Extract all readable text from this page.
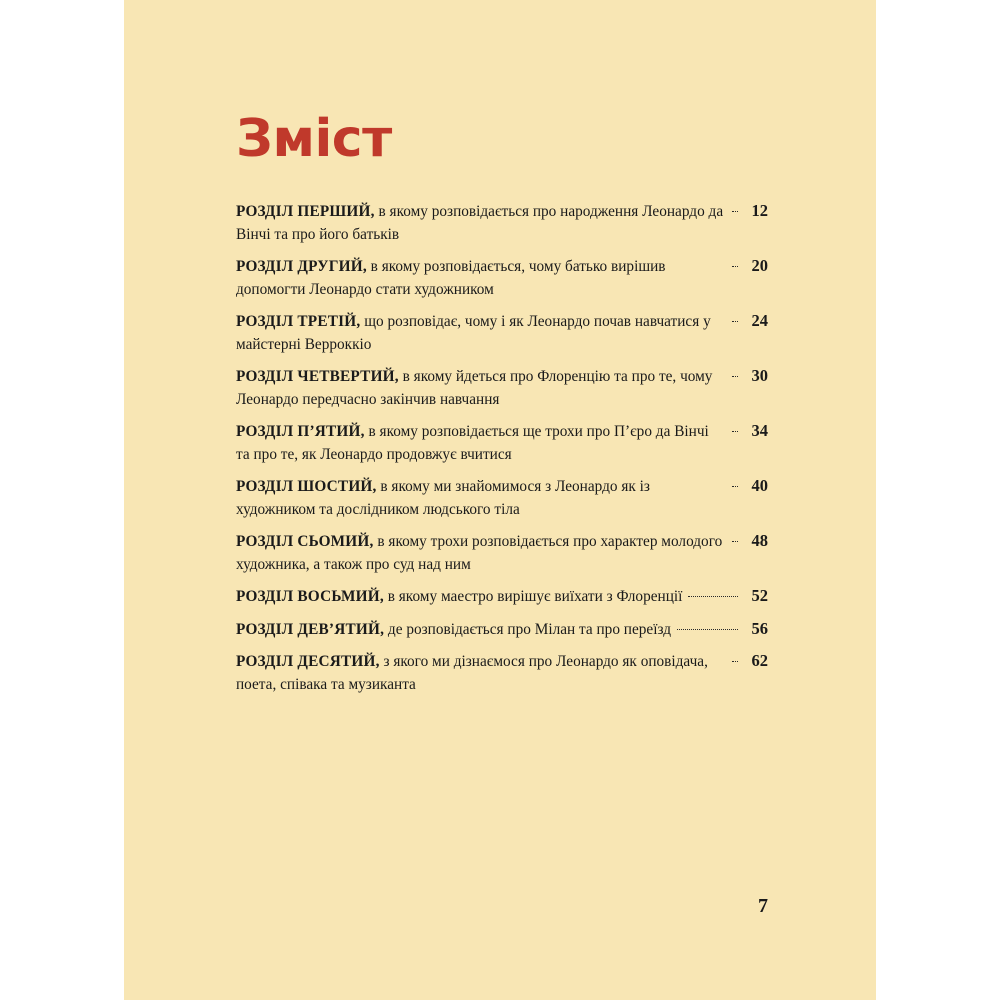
Зміст
РОЗДІЛ ПЕРШИЙ, в якому розповідається про народження Леонардо да Вінчі та про його батьків
12
РОЗДІЛ ДРУГИЙ, в якому розповідається, чому батько вирішив допомогти Леонардо стати художником
20
РОЗДІЛ ТРЕТІЙ, що розповідає, чому і як Леонардо почав навчатися у майстерні Верроккіо
24
РОЗДІЛ ЧЕТВЕРТИЙ, в якому йдеться про Флоренцію та про те, чому Леонардо передчасно закінчив навчання
30
РОЗДІЛ П’ЯТИЙ, в якому розповідається ще трохи про П’єро да Вінчі та про те, як Леонардо продовжує вчитися
34
РОЗДІЛ ШОСТИЙ, в якому ми знайомимося з Леонардо як із художником та дослідником людського тіла
40
РОЗДІЛ СЬОМИЙ, в якому трохи розповідається про характер молодого художника, а також про суд над ним
48
РОЗДІЛ ВОСЬМИЙ, в якому маестро вирішує виїхати з Флоренції	52
РОЗДІЛ ДЕВ’ЯТИЙ, де розповідається про Мілан та про переїзд	56
РОЗДІЛ ДЕСЯТИЙ, з якого ми дізнаємося про Леонардо як оповідача, поета, співака та музиканта
62
7
